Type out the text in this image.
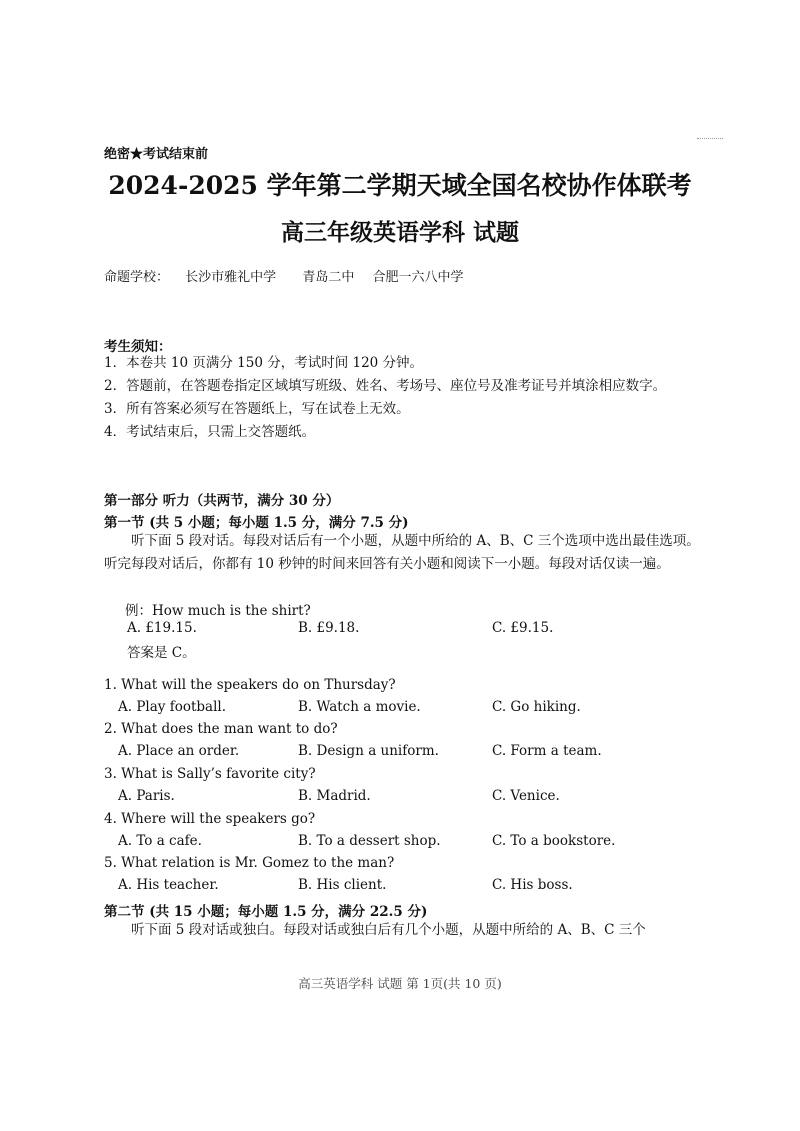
绝密★考试结束前
2024-2025 学年第二学期天域全国名校协作体联考
高三年级英语学科 试题
命题学校： 长沙市雅礼中学 青岛二中 合肥一六八中学
考生须知：
1．本卷共 10 页满分 150 分，考试时间 120 分钟。
2．答题前，在答题卷指定区域填写班级、姓名、考场号、座位号及准考证号并填涂相应数字。
3．所有答案必须写在答题纸上，写在试卷上无效。
4．考试结束后，只需上交答题纸。
第一部分 听力（共两节，满分 30 分）
第一节 (共 5 小题；每小题 1.5 分，满分 7.5 分)
听下面 5 段对话。每段对话后有一个小题，从题中所给的 A、B、C 三个选项中选出最佳选项。听完每段对话后，你都有 10 秒钟的时间来回答有关小题和阅读下一小题。每段对话仅读一遍。
例：How much is the shirt?
A. £19.15.	B. £9.18.	C. £9.15.
答案是 C。
1. What will the speakers do on Thursday?
A. Play football.	B. Watch a movie.	C. Go hiking.
2. What does the man want to do?
A. Place an order.	B. Design a uniform.	C. Form a team.
3. What is Sally’s favorite city?
A. Paris.	B. Madrid.	C. Venice.
4. Where will the speakers go?
A. To a cafe.	B. To a dessert shop.	C. To a bookstore.
5. What relation is Mr. Gomez to the man?
A. His teacher.	B. His client.	C. His boss.
第二节 (共 15 小题；每小题 1.5 分，满分 22.5 分)
听下面 5 段对话或独白。每段对话或独白后有几个小题，从题中所给的 A、B、C 三个
高三英语学科 试题 第 1页(共 10 页)
